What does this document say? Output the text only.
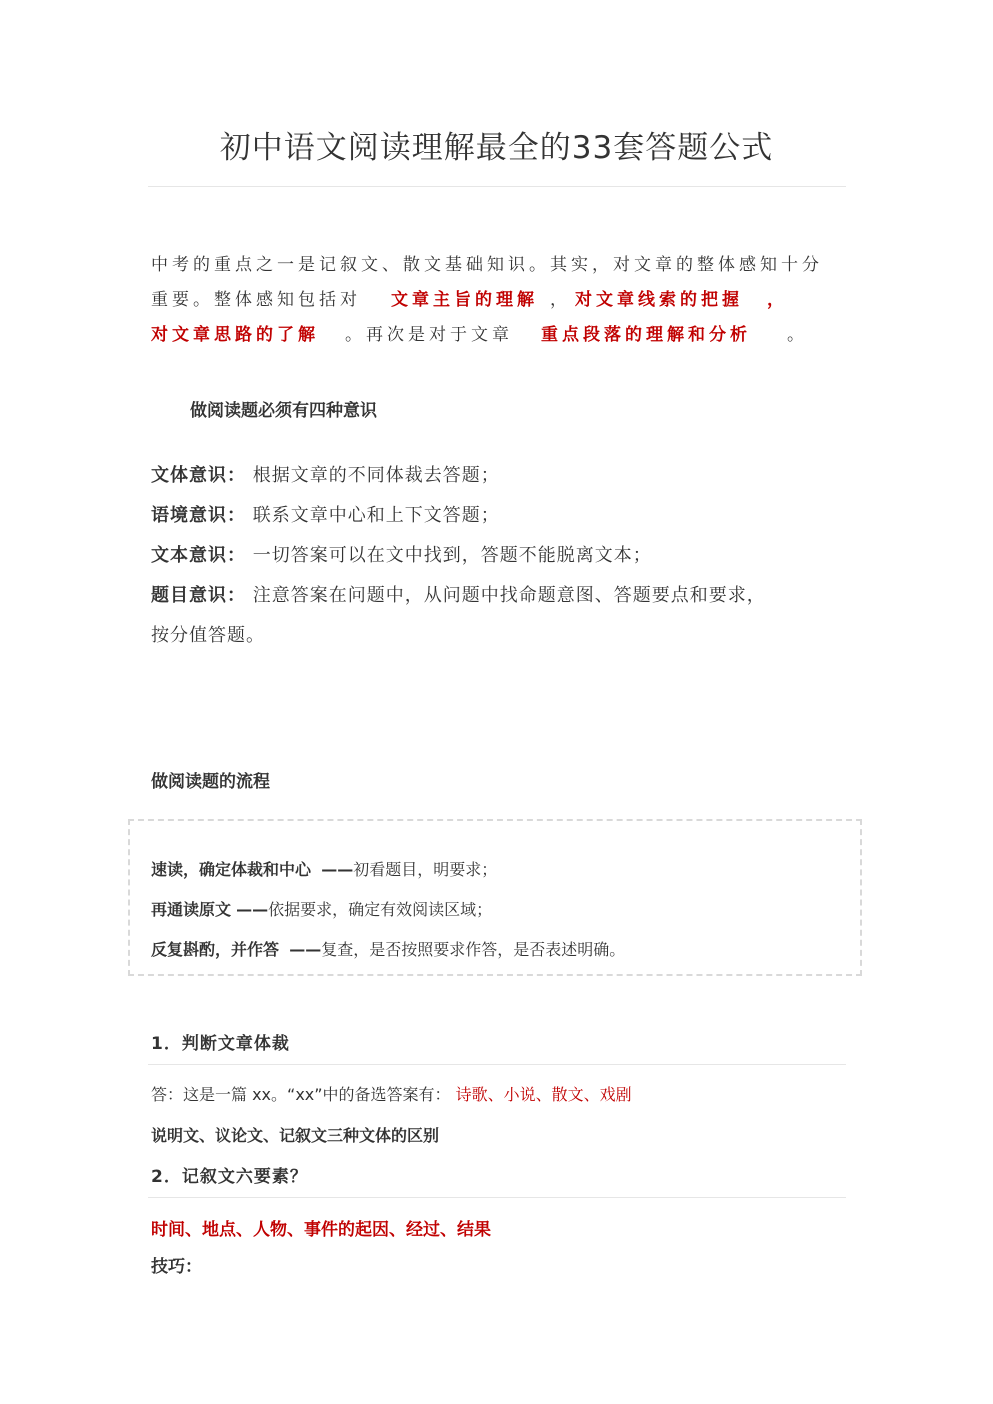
初中语文阅读理解最全的33套答题公式
中考的重点之一是记叙文、散文基础知识。其实，对文章的整体感知十分
重要。整体感知包括对 文章主旨的理解 ， 对文章线索的把握 ，
对文章思路的了解 。再次是对于文章 重点段落的理解和分析 。
做阅读题必须有四种意识
文体意识： 根据文章的不同体裁去答题；
语境意识： 联系文章中心和上下文答题；
文本意识： 一切答案可以在文中找到，答题不能脱离文本；
题目意识： 注意答案在问题中，从问题中找命题意图、答题要点和要求，
按分值答题。
做阅读题的流程
速读，确定体裁和中心 ——初看题目，明要求；
再通读原文 ——依据要求，确定有效阅读区域；
反复斟酌，并作答 ——复查，是否按照要求作答，是否表述明确。
1．判断文章体裁
答：这是一篇 xx。“xx”中的备选答案有： 诗歌、小说、散文、戏剧
说明文、议论文、记叙文三种文体的区别
2．记叙文六要素？
时间、地点、人物、事件的起因、经过、结果
技巧：
